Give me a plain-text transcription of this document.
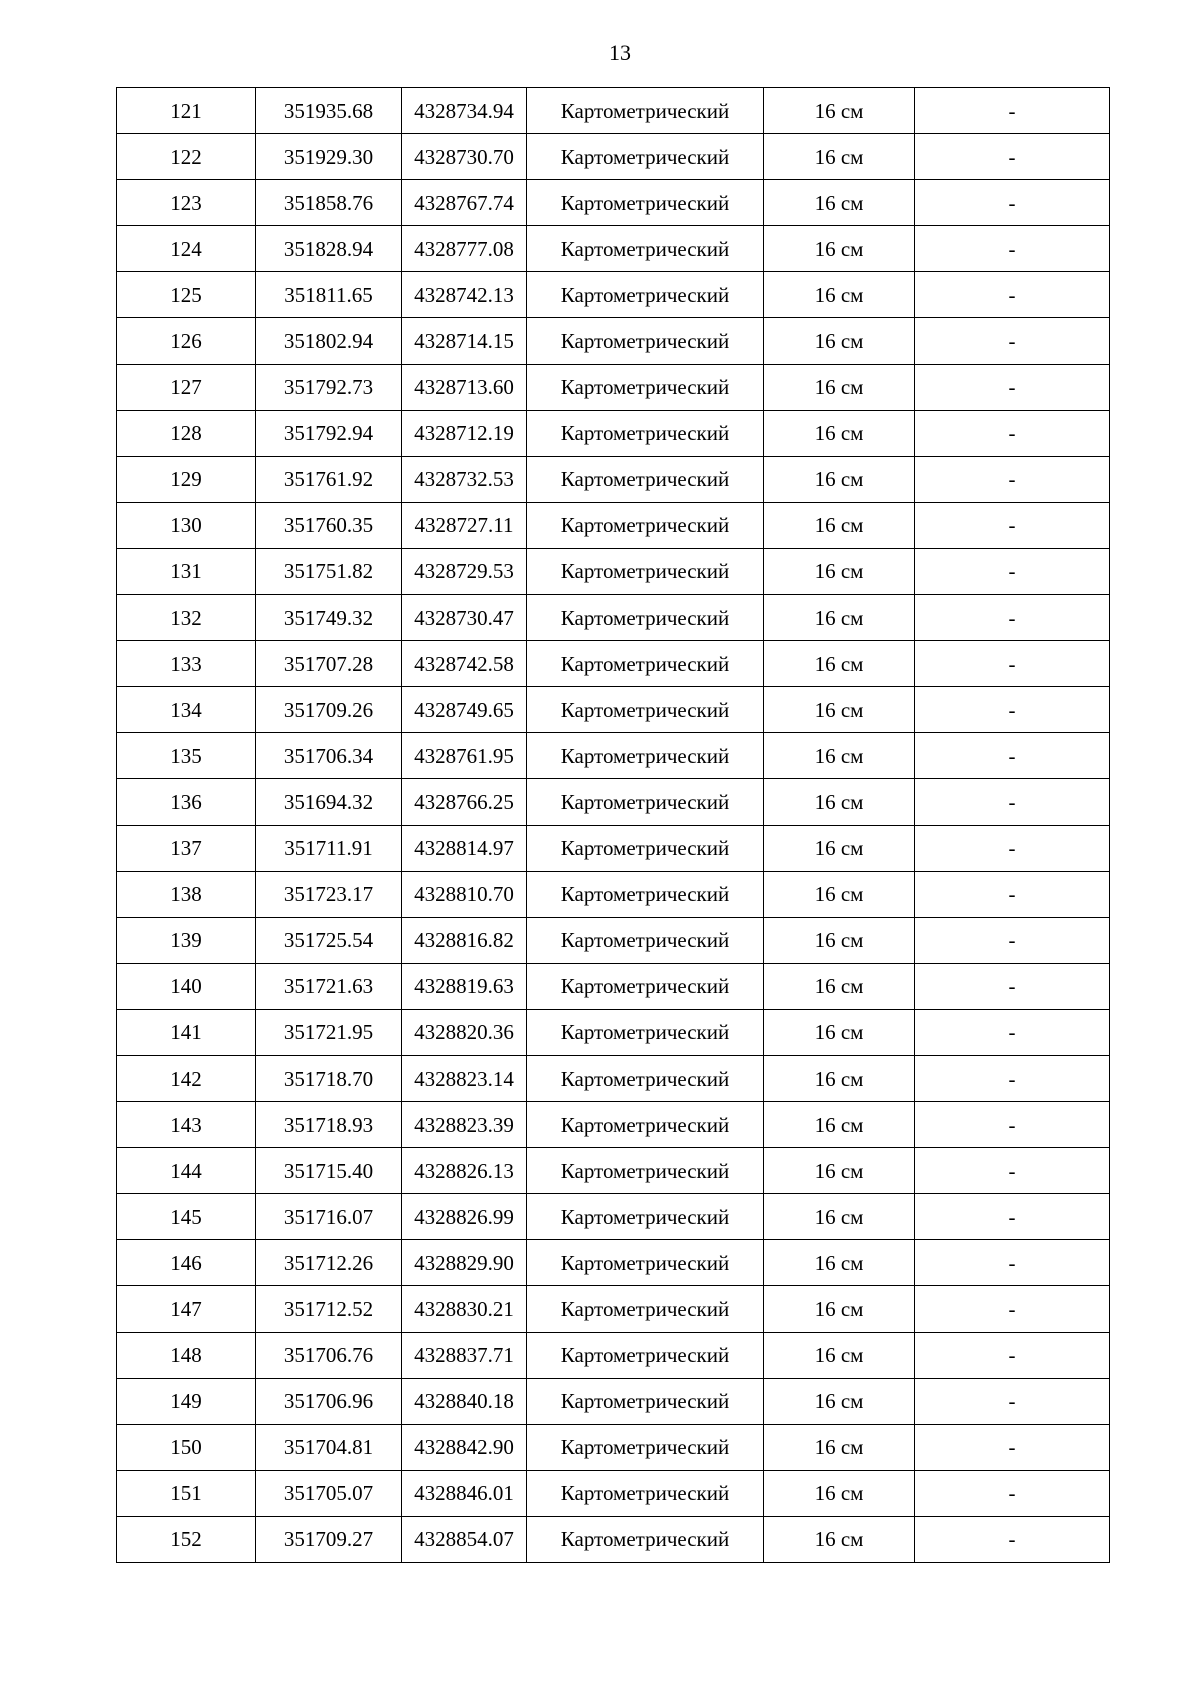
13
121	351935.68	4328734.94	Картометрический	16 см	-
122	351929.30	4328730.70	Картометрический	16 см	-
123	351858.76	4328767.74	Картометрический	16 см	-
124	351828.94	4328777.08	Картометрический	16 см	-
125	351811.65	4328742.13	Картометрический	16 см	-
126	351802.94	4328714.15	Картометрический	16 см	-
127	351792.73	4328713.60	Картометрический	16 см	-
128	351792.94	4328712.19	Картометрический	16 см	-
129	351761.92	4328732.53	Картометрический	16 см	-
130	351760.35	4328727.11	Картометрический	16 см	-
131	351751.82	4328729.53	Картометрический	16 см	-
132	351749.32	4328730.47	Картометрический	16 см	-
133	351707.28	4328742.58	Картометрический	16 см	-
134	351709.26	4328749.65	Картометрический	16 см	-
135	351706.34	4328761.95	Картометрический	16 см	-
136	351694.32	4328766.25	Картометрический	16 см	-
137	351711.91	4328814.97	Картометрический	16 см	-
138	351723.17	4328810.70	Картометрический	16 см	-
139	351725.54	4328816.82	Картометрический	16 см	-
140	351721.63	4328819.63	Картометрический	16 см	-
141	351721.95	4328820.36	Картометрический	16 см	-
142	351718.70	4328823.14	Картометрический	16 см	-
143	351718.93	4328823.39	Картометрический	16 см	-
144	351715.40	4328826.13	Картометрический	16 см	-
145	351716.07	4328826.99	Картометрический	16 см	-
146	351712.26	4328829.90	Картометрический	16 см	-
147	351712.52	4328830.21	Картометрический	16 см	-
148	351706.76	4328837.71	Картометрический	16 см	-
149	351706.96	4328840.18	Картометрический	16 см	-
150	351704.81	4328842.90	Картометрический	16 см	-
151	351705.07	4328846.01	Картометрический	16 см	-
152	351709.27	4328854.07	Картометрический	16 см	-
